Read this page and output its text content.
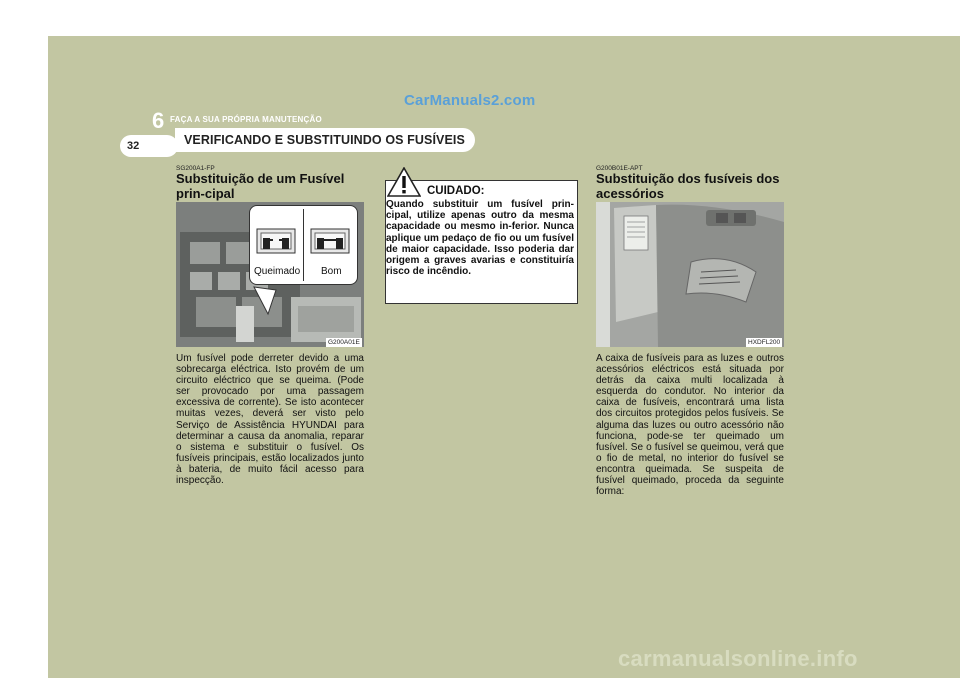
CarManuals2.com
6 FAÇA A SUA PRÓPRIA MANUTENÇÃO
32	VERIFICANDO E SUBSTITUINDO OS FUSÍVEIS
SG200A1-FP
Substituição de um Fusível prin-cipal
Queimado Bom
G200A01E
Um fusível pode derreter devido a uma sobrecarga eléctrica. Isto provém de um circuito eléctrico que se queima. (Pode ser provocado por uma passagem excessiva de corrente). Se isto acontecer muitas vezes, deverá ser visto pelo Serviço de Assistência HYUNDAI para determinar a causa da anomalia, reparar o sistema e substituir o fusível. Os fusíveis principais, estão localizados junto à bateria, de muito fácil acesso para inspecção.
CUIDADO:
Quando substituir um fusível prin-cipal, utilize apenas outro da mesma capacidade ou mesmo in-ferior. Nunca aplique um pedaço de fio ou um fusível de maior capacidade. Isso poderia dar origem a graves avarias e constituiría risco de incêndio.
G200B01E-APT
Substituição dos fusíveis dos acessórios
HXDFL200
A caixa de fusíveis para as luzes e outros acessórios eléctricos está situada por detrás da caixa multi localizada à esquerda do condutor. No interior da caixa de fusíveis, encontrará uma lista dos circuitos protegidos pelos fusíveis. Se alguma das luzes ou outro acessório não funciona, pode-se ter queimado um fusível. Se o fusível se queimou, verá que o fio de metal, no interior do fusível se encontra queimada. Se suspeita de fusível queimado, proceda da seguinte forma:
carmanualsonline.info
